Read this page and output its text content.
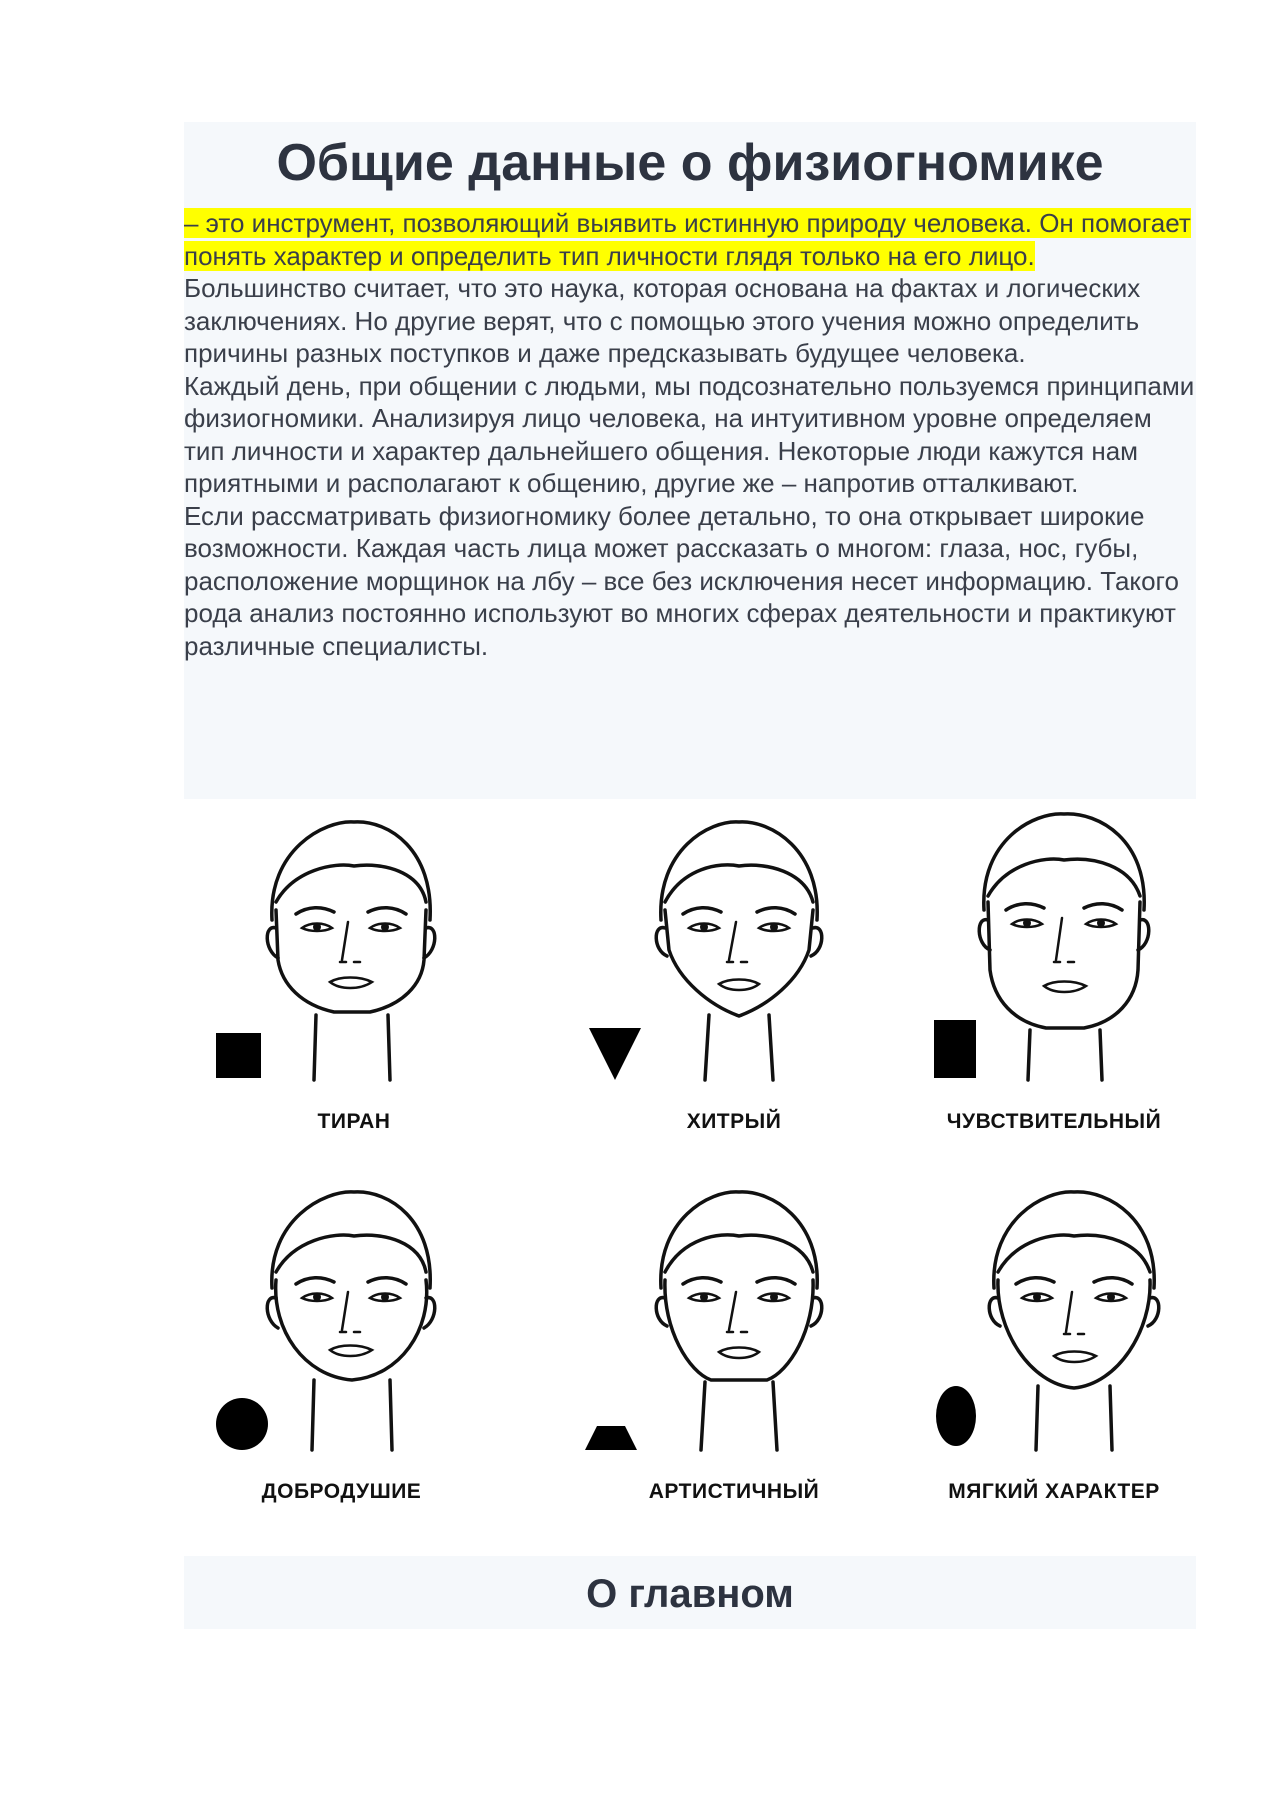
Общие данные о физиогномике

– это инструмент, позволяющий выявить истинную природу человека. Он помогает понять характер и определить тип личности глядя только на его лицо.

Большинство считает, что это наука, которая основана на фактах и логических заключениях. Но другие верят, что с помощью этого учения можно определить причины разных поступков и даже предсказывать будущее человека.

Каждый день, при общении с людьми, мы подсознательно пользуемся принципами физиогномики. Анализируя лицо человека, на интуитивном уровне определяем тип личности и характер дальнейшего общения. Некоторые люди кажутся нам приятными и располагают к общению, другие же – напротив отталкивают.

Если рассматривать физиогномику более детально, то она открывает широкие возможности. Каждая часть лица может рассказать о многом: глаза, нос, губы, расположение морщинок на лбу – все без исключения несет информацию. Такого рода анализ постоянно используют во многих сферах деятельности и практикуют различные специалисты.

ТИРАН	ХИТРЫЙ	ЧУВСТВИТЕЛЬНЫЙ
ДОБРОДУШИЕ	АРТИСТИЧНЫЙ	МЯГКИЙ ХАРАКТЕР
О главном
